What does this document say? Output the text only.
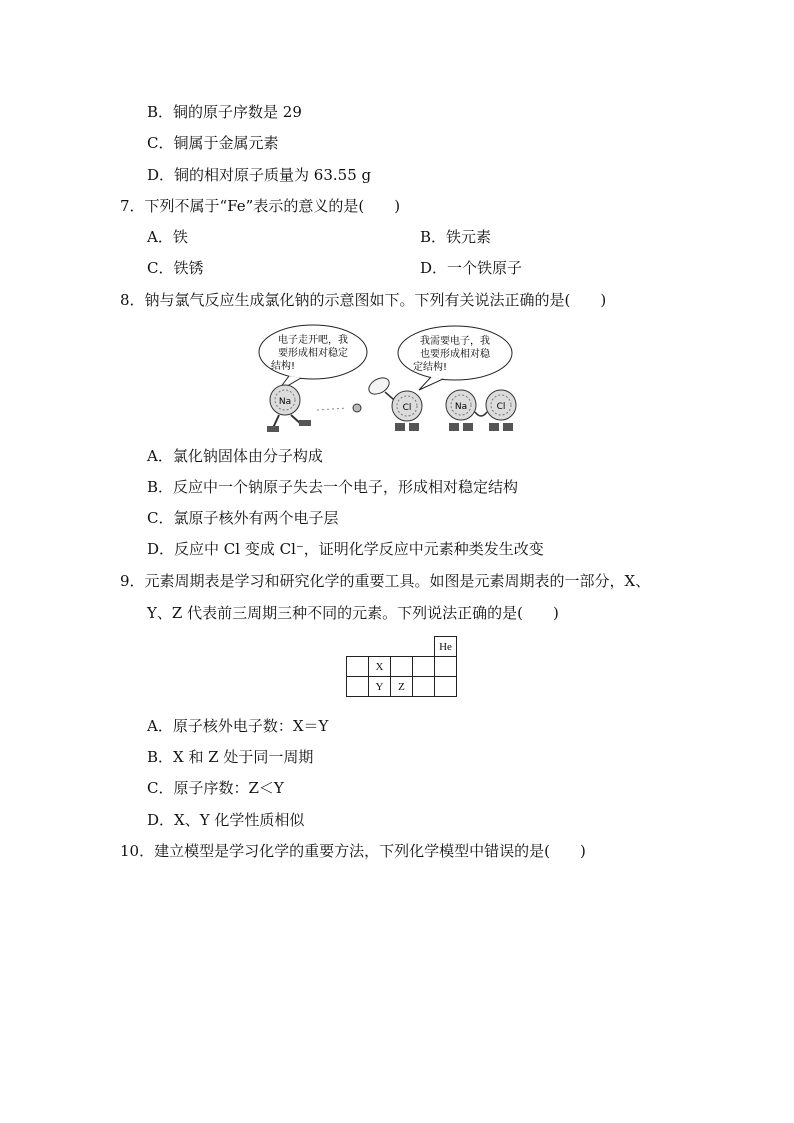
B．铜的原子序数是 29
C．铜属于金属元素
D．铜的相对原子质量为 63.55 g
7．下列不属于“Fe”表示的意义的是(　　)
A．铁	B．铁元素
C．铁锈	D．一个铁原子
8．钠与氯气反应生成氯化钠的示意图如下。下列有关说法正确的是(　　)
电子走开吧，我
要形成相对稳定
结构!
我需要电子，我
也要形成相对稳
定结构!
Na
Cl	Na	Cl
A．氯化钠固体由分子构成
B．反应中一个钠原子失去一个电子，形成相对稳定结构
C．氯原子核外有两个电子层
D．反应中 Cl 变成 Cl⁻，证明化学反应中元素种类发生改变
9．元素周期表是学习和研究化学的重要工具。如图是元素周期表的一部分，X、
Y、Z 代表前三周期三种不同的元素。下列说法正确的是(　　)
				He
	X			
	Y	Z		
A．原子核外电子数：X＝Y
B．X 和 Z 处于同一周期
C．原子序数：Z＜Y
D．X、Y 化学性质相似
10．建立模型是学习化学的重要方法，下列化学模型中错误的是(　　)
